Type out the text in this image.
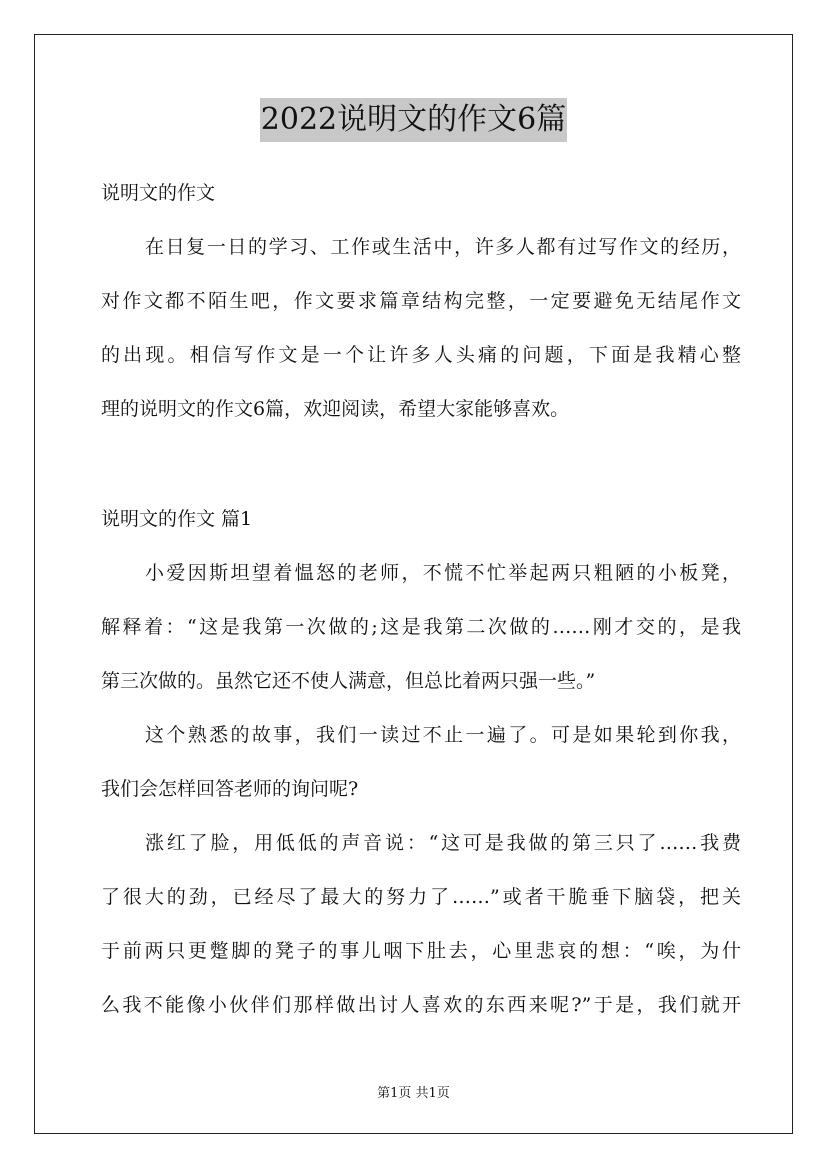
2022说明文的作文6篇
说明文的作文
在日复一日的学习、工作或生活中，许多人都有过写作文的经历，
对作文都不陌生吧，作文要求篇章结构完整，一定要避免无结尾作文
的出现。相信写作文是一个让许多人头痛的问题，下面是我精心整
理的说明文的作文6篇，欢迎阅读，希望大家能够喜欢。
说明文的作文 篇1
小爱因斯坦望着愠怒的老师，不慌不忙举起两只粗陋的小板凳，
解释着：“这是我第一次做的;这是我第二次做的……刚才交的，是我
第三次做的。虽然它还不使人满意，但总比着两只强一些。”
这个熟悉的故事，我们一读过不止一遍了。可是如果轮到你我，
我们会怎样回答老师的询问呢?
涨红了脸，用低低的声音说：“这可是我做的第三只了……我费
了很大的劲，已经尽了最大的努力了……”或者干脆垂下脑袋，把关
于前两只更蹩脚的凳子的事儿咽下肚去，心里悲哀的想：“唉，为什
么我不能像小伙伴们那样做出讨人喜欢的东西来呢?”于是，我们就开
第1页 共1页
